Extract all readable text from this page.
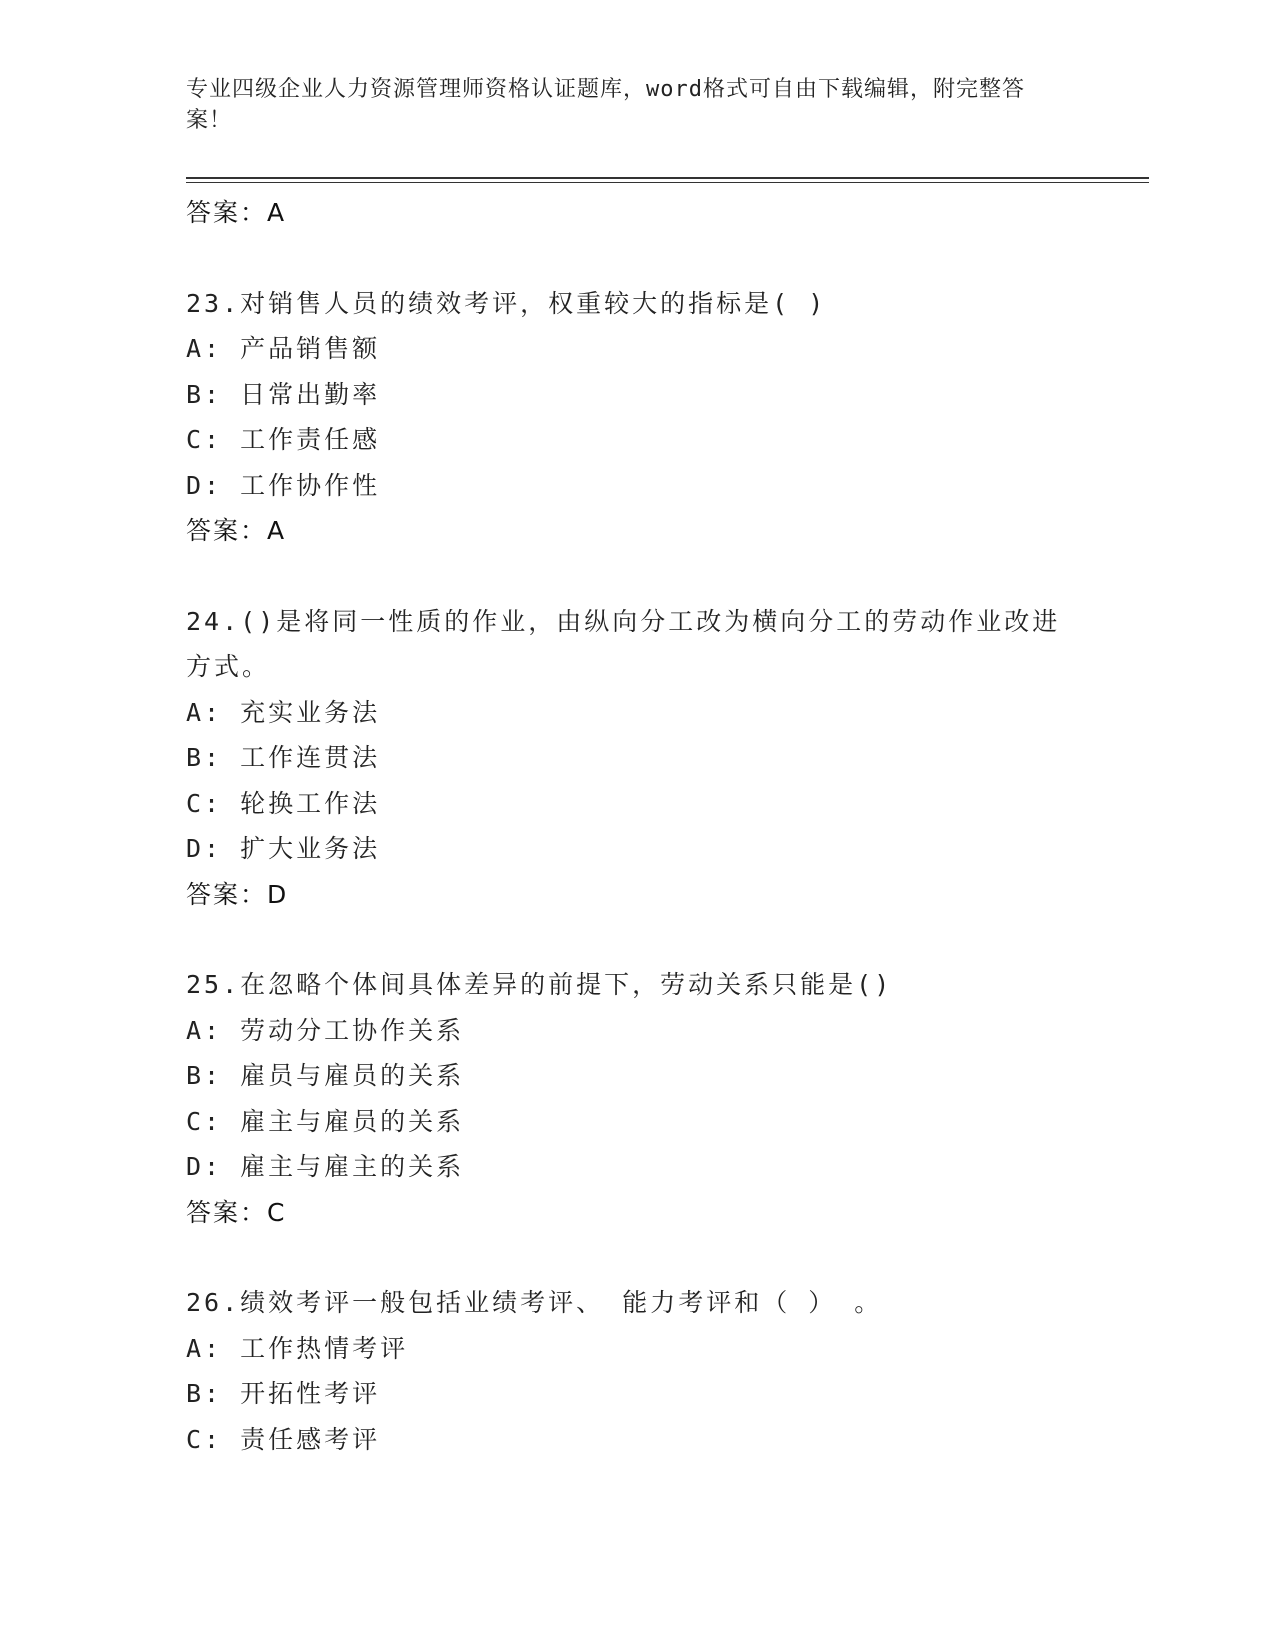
专业四级企业人力资源管理师资格认证题库，word格式可自由下载编辑，附完整答案！
答案：A
23.对销售人员的绩效考评，权重较大的指标是( )
A: 产品销售额
B: 日常出勤率
C: 工作责任感
D: 工作协作性
答案：A
24.()是将同一性质的作业，由纵向分工改为横向分工的劳动作业改进方式。
A: 充实业务法
B: 工作连贯法
C: 轮换工作法
D: 扩大业务法
答案：D
25.在忽略个体间具体差异的前提下，劳动关系只能是()
A: 劳动分工协作关系
B: 雇员与雇员的关系
C: 雇主与雇员的关系
D: 雇主与雇主的关系
答案：C
26.绩效考评一般包括业绩考评、 能力考评和（ ） 。
A: 工作热情考评
B: 开拓性考评
C: 责任感考评
